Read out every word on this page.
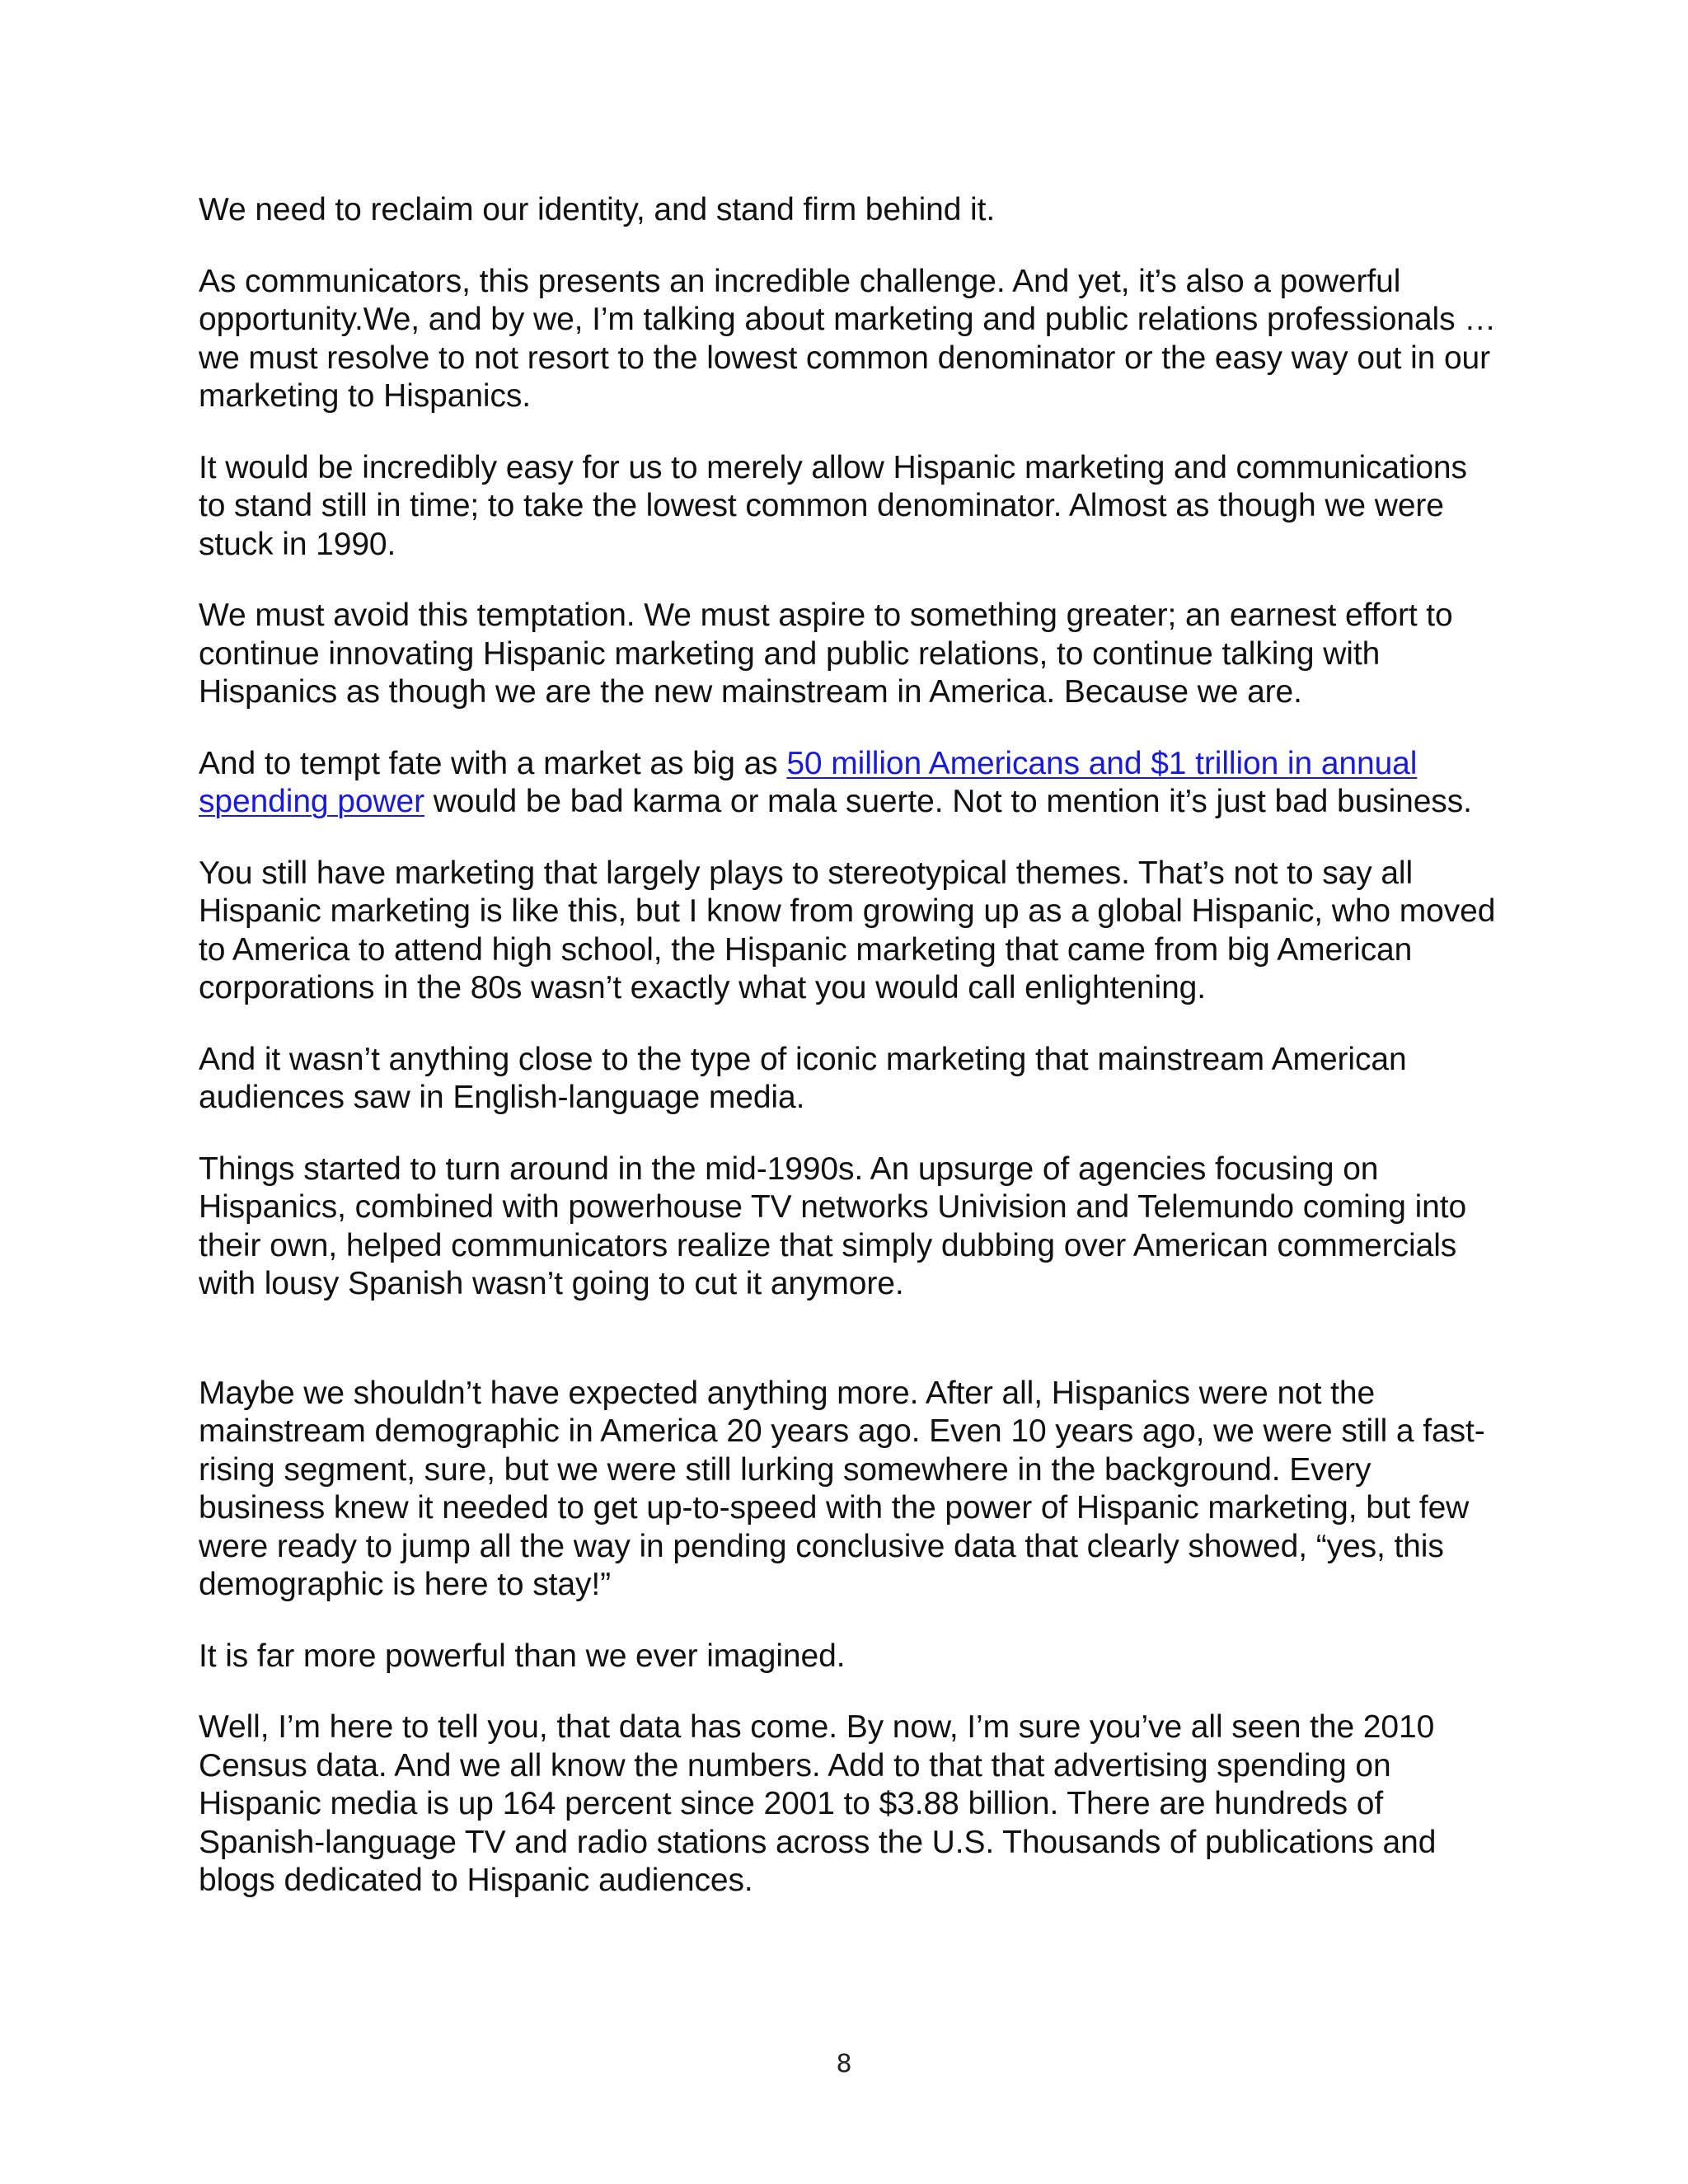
We need to reclaim our identity, and stand firm behind it.

As communicators, this presents an incredible challenge. And yet, it’s also a powerful opportunity.We, and by we, I’m talking about marketing and public relations professionals … we must resolve to not resort to the lowest common denominator or the easy way out in our marketing to Hispanics.

It would be incredibly easy for us to merely allow Hispanic marketing and communications to stand still in time; to take the lowest common denominator. Almost as though we were stuck in 1990.

We must avoid this temptation. We must aspire to something greater; an earnest effort to continue innovating Hispanic marketing and public relations, to continue talking with Hispanics as though we are the new mainstream in America. Because we are.

And to tempt fate with a market as big as 50 million Americans and $1 trillion in annual spending power would be bad karma or mala suerte. Not to mention it’s just bad business.

You still have marketing that largely plays to stereotypical themes. That’s not to say all Hispanic marketing is like this, but I know from growing up as a global Hispanic, who moved to America to attend high school, the Hispanic marketing that came from big American corporations in the 80s wasn’t exactly what you would call enlightening.

And it wasn’t anything close to the type of iconic marketing that mainstream American audiences saw in English-language media.

Things started to turn around in the mid-1990s. An upsurge of agencies focusing on Hispanics, combined with powerhouse TV networks Univision and Telemundo coming into their own, helped communicators realize that simply dubbing over American commercials with lousy Spanish wasn’t going to cut it anymore.

Maybe we shouldn’t have expected anything more. After all, Hispanics were not the mainstream demographic in America 20 years ago. Even 10 years ago, we were still a fast-rising segment, sure, but we were still lurking somewhere in the background. Every business knew it needed to get up-to-speed with the power of Hispanic marketing, but few were ready to jump all the way in pending conclusive data that clearly showed, “yes, this demographic is here to stay!”

It is far more powerful than we ever imagined.

Well, I’m here to tell you, that data has come. By now, I’m sure you’ve all seen the 2010 Census data. And we all know the numbers. Add to that that advertising spending on Hispanic media is up 164 percent since 2001 to $3.88 billion. There are hundreds of Spanish-language TV and radio stations across the U.S. Thousands of publications and blogs dedicated to Hispanic audiences.

8
